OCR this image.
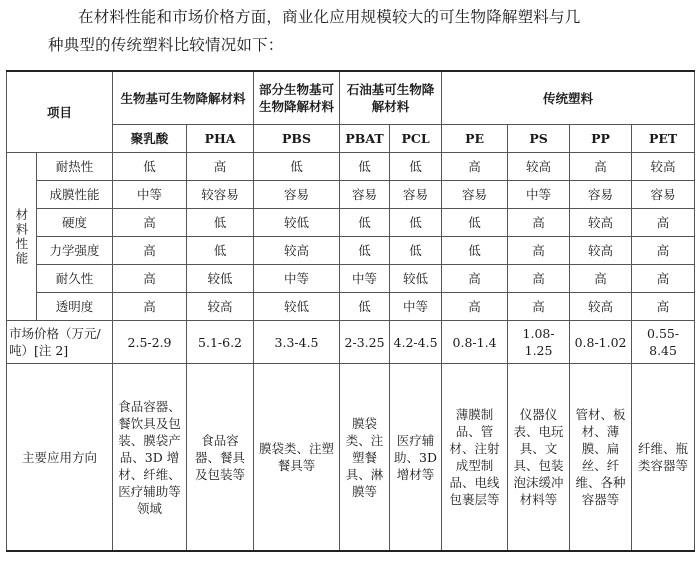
在材料性能和市场价格方面，商业化应用规模较大的可生物降解塑料与几

种典型的传统塑料比较情况如下：

项目		生物基可生物降解材料		部分生物基可生物降解材料	石油基可生物降解材料		传统塑料			
		聚乳酸	PHA	PBS	PBAT	PCL	PE	PS	PP	PET
材料性能	耐热性	低	高	低	低	低	高	较高	高	较高
	成膜性能	中等	较容易	容易	容易	容易	容易	中等	容易	容易
	硬度	高	低	较低	低	低	低	高	较高	高
	力学强度	高	低	较高	低	低	低	高	较高	高
	耐久性	高	较低	中等	中等	较低	高	高	高	高
	透明度	高	较高	较低	低	中等	高	高	较高	高
市场价格（万元/吨）[注 2]		2.5-2.9	5.1-6.2	3.3-4.5	2-3.25	4.2-4.5	0.8-1.4	1.08-1.25	0.8-1.02	0.55-8.45
主要应用方向		食品容器、餐饮具及包装、膜袋产品、3D 增材、纤维、医疗辅助等领域	食品容器、餐具及包装等	膜袋类、注塑餐具等	膜袋类、注塑餐具、淋膜等	医疗辅助、3D 增材等	薄膜制品、管材、注射成型制品、电线包裹层等	仪器仪表、电玩具、文具、包装泡沫缓冲材料等	管材、板材、薄膜、扁丝、纤维、各种容器等	纤维、瓶类容器等
